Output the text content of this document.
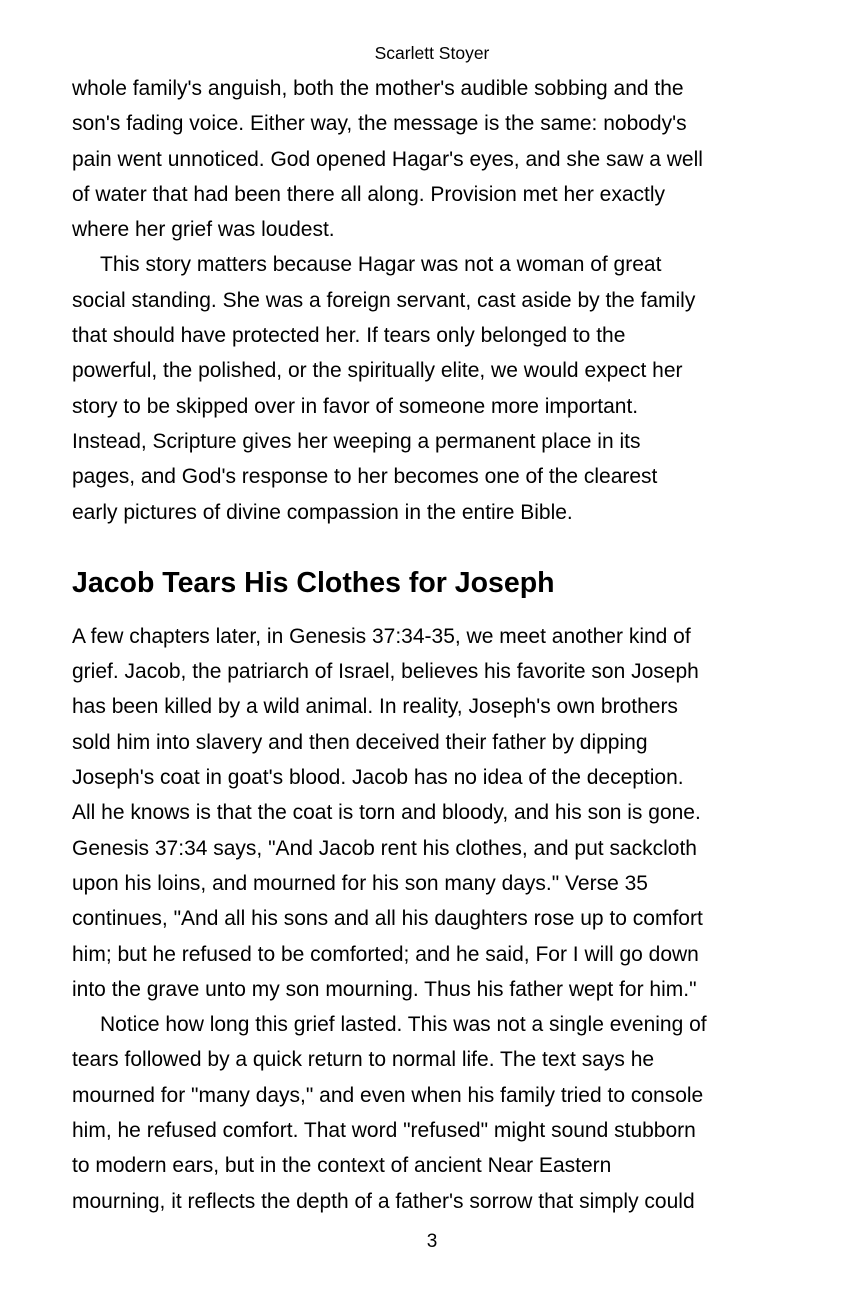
Scarlett Stoyer

whole family's anguish, both the mother's audible sobbing and the
son's fading voice. Either way, the message is the same: nobody's
pain went unnoticed. God opened Hagar's eyes, and she saw a well
of water that had been there all along. Provision met her exactly
where her grief was loudest.

This story matters because Hagar was not a woman of great
social standing. She was a foreign servant, cast aside by the family
that should have protected her. If tears only belonged to the
powerful, the polished, or the spiritually elite, we would expect her
story to be skipped over in favor of someone more important.
Instead, Scripture gives her weeping a permanent place in its
pages, and God's response to her becomes one of the clearest
early pictures of divine compassion in the entire Bible.

Jacob Tears His Clothes for Joseph

A few chapters later, in Genesis 37:34-35, we meet another kind of
grief. Jacob, the patriarch of Israel, believes his favorite son Joseph
has been killed by a wild animal. In reality, Joseph's own brothers
sold him into slavery and then deceived their father by dipping
Joseph's coat in goat's blood. Jacob has no idea of the deception.
All he knows is that the coat is torn and bloody, and his son is gone.
Genesis 37:34 says, "And Jacob rent his clothes, and put sackcloth
upon his loins, and mourned for his son many days." Verse 35
continues, "And all his sons and all his daughters rose up to comfort
him; but he refused to be comforted; and he said, For I will go down
into the grave unto my son mourning. Thus his father wept for him."

Notice how long this grief lasted. This was not a single evening of
tears followed by a quick return to normal life. The text says he
mourned for "many days," and even when his family tried to console
him, he refused comfort. That word "refused" might sound stubborn
to modern ears, but in the context of ancient Near Eastern
mourning, it reflects the depth of a father's sorrow that simply could

3
